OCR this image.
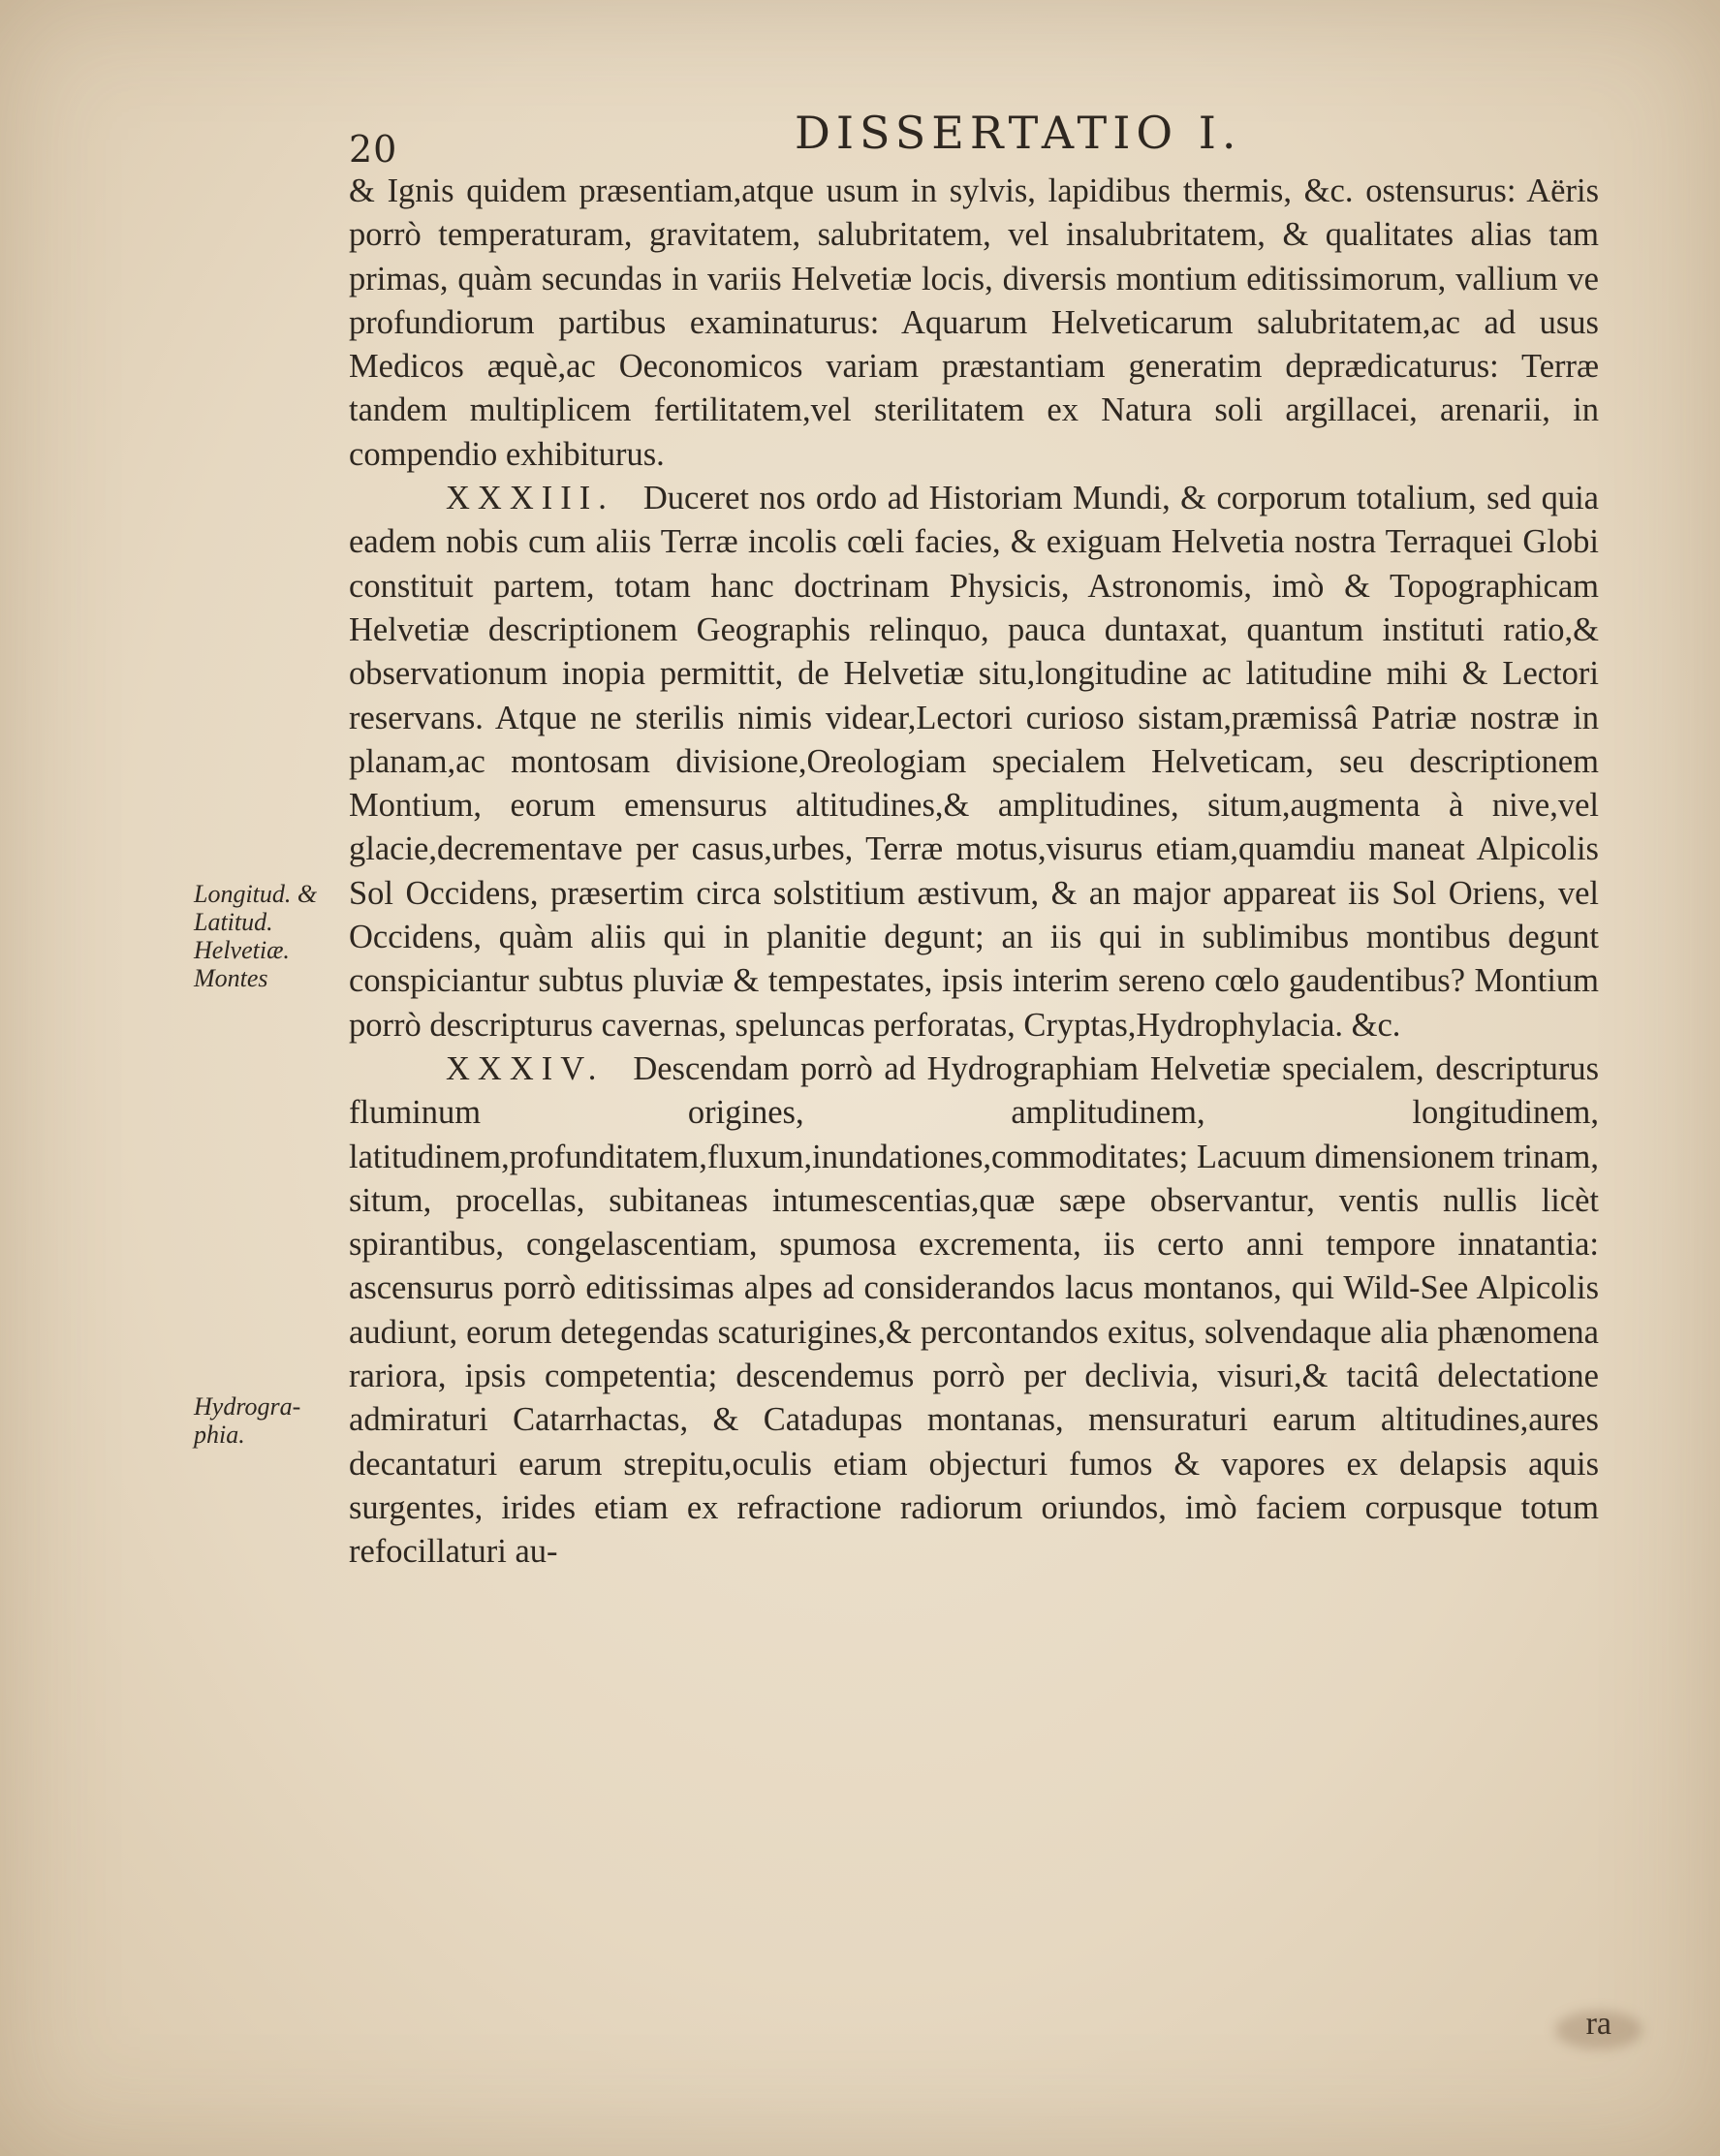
20	DISSERTATIO I.

& Ignis quidem præsentiam,atque usum in sylvis, lapidibus thermis, &c. ostensurus: Aëris porrò temperaturam, gravitatem, salubritatem, vel insalubritatem, & qualitates alias tam primas, quàm secundas in variis Helvetiæ locis, diversis montium editissimorum, vallium ve profundiorum partibus examinaturus: Aquarum Helveticarum salubritatem,ac ad usus Medicos æquè,ac Oeconomicos variam præstantiam generatim deprædicaturus: Terræ tandem multiplicem fertilitatem,vel sterilitatem ex Natura soli argillacei, arenarii, in compendio exhibiturus.

XXXIII. Duceret nos ordo ad Historiam Mundi, & corporum totalium, sed quia eadem nobis cum aliis Terræ incolis cœli facies, & exiguam Helvetia nostra Terraquei Globi constituit partem, totam hanc doctrinam Physicis, Astronomis, imò & Topographicam Helvetiæ descriptionem Geographis relinquo, pauca duntaxat, quantum instituti ratio,& observationum inopia permittit, de Helvetiæ situ,longitudine ac latitudine mihi & Lectori reservans. Atque ne sterilis nimis videar,Lectori curioso sistam,præmissâ Patriæ nostræ in planam,ac montosam divisione,Oreologiam specialem Helveticam, seu descriptionem Montium, eorum emensurus altitudines,& amplitudines, situm,augmenta à nive,vel glacie,decrementave per casus,urbes, Terræ motus,visurus etiam,quamdiu maneat Alpicolis Sol Occidens, præsertim circa solstitium æstivum, & an major appareat iis Sol Oriens, vel Occidens, quàm aliis qui in planitie degunt; an iis qui in sublimibus montibus degunt conspiciantur subtus pluviæ & tempestates, ipsis interim sereno cœlo gaudentibus? Montium porrò descripturus cavernas, speluncas perforatas, Cryptas,Hydrophylacia. &c.

XXXIV. Descendam porrò ad Hydrographiam Helvetiæ specialem, descripturus fluminum origines, amplitudinem, longitudinem, latitudinem,profunditatem,fluxum,inundationes,commoditates; Lacuum dimensionem trinam, situm, procellas, subitaneas intumescentias,quæ sæpe observantur, ventis nullis licèt spirantibus, congelascentiam, spumosa excrementa, iis certo anni tempore innatantia: ascensurus porrò editissimas alpes ad considerandos lacus montanos, qui Wild-See Alpicolis audiunt, eorum detegendas scaturigines,& percontandos exitus, solvendaque alia phænomena rariora, ipsis competentia; descendemus porrò per declivia, visuri,& tacitâ delectatione admiraturi Catarrhactas, & Catadupas montanas, mensuraturi earum altitudines,aures decantaturi earum strepitu,oculis etiam objecturi fumos & vapores ex delapsis aquis surgentes, irides etiam ex refractione radiorum oriundos, imò faciem corpusque totum refocillaturi au-

Longitud. & Latitud. Helvetiæ. Montes
Hydrogra-phia.
ra
